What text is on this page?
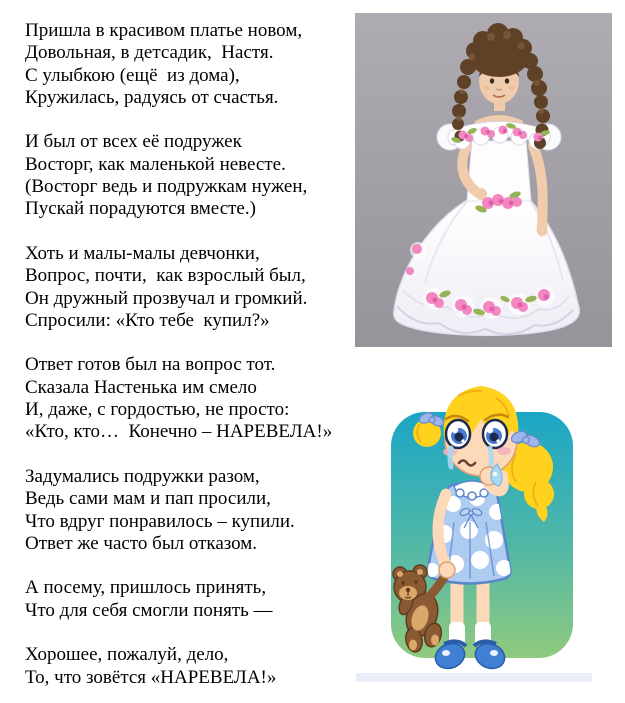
Пришла в красивом платье новом,
Довольная, в детсадик,  Настя.
С улыбкою (ещё  из дома),
Кружилась, радуясь от счастья.
И был от всех её подружек
Восторг, как маленькой невесте.
(Восторг ведь и подружкам нужен,
Пускай порадуются вместе.)
Хоть и малы-малы девчонки,
Вопрос, почти,  как взрослый был,
Он дружный прозвучал и громкий.
Спросили: «Кто тебе  купил?»
Ответ готов был на вопрос тот.
Сказала Настенька им смело
И, даже, с гордостью, не просто:
«Кто, кто…  Конечно – НАРЕВЕЛА!»
Задумались подружки разом,
Ведь сами мам и пап просили,
Что вдруг понравилось – купили.
Ответ же часто был отказом.
А посему, пришлось принять,
Что для себя смогли понять —
Хорошее, пожалуй, дело,
То, что зовётся «НАРЕВЕЛА!»
